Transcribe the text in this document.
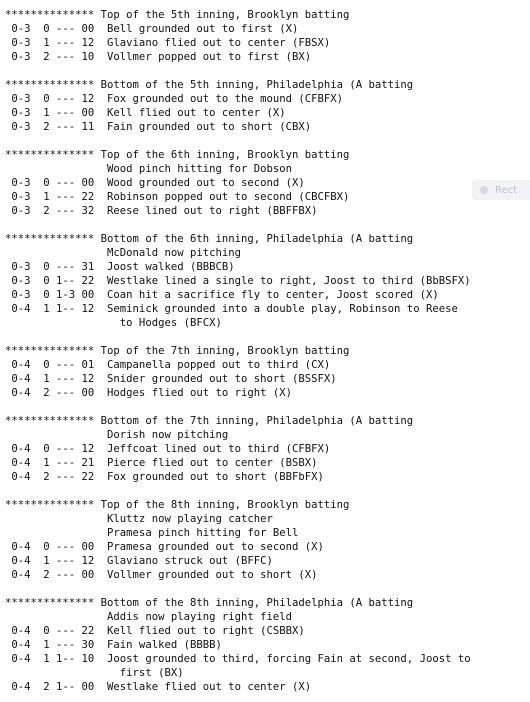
************** Top of the 5th inning, Brooklyn batting
0-3  0 --- 00  Bell grounded out to first (X)
0-3  1 --- 12  Glaviano flied out to center (FBSX)
0-3  2 --- 10  Vollmer popped out to first (BX)
************** Bottom of the 5th inning, Philadelphia (A batting
0-3  0 --- 12  Fox grounded out to the mound (CFBFX)
0-3  1 --- 00  Kell flied out to center (X)
0-3  2 --- 11  Fain grounded out to short (CBX)
************** Top of the 6th inning, Brooklyn batting
Wood pinch hitting for Dobson
0-3  0 --- 00  Wood grounded out to second (X)
0-3  1 --- 22  Robinson popped out to second (CBCFBX)
0-3  2 --- 32  Reese lined out to right (BBFFBX)
************** Bottom of the 6th inning, Philadelphia (A batting
McDonald now pitching
0-3  0 --- 31  Joost walked (BBBCB)
0-3  0 1-- 22  Westlake lined a single to right, Joost to third (BbBSFX)
0-3  0 1-3 00  Coan hit a sacrifice fly to center, Joost scored (X)
0-4  1 1-- 12  Seminick grounded into a double play, Robinson to Reese
to Hodges (BFCX)
************** Top of the 7th inning, Brooklyn batting
0-4  0 --- 01  Campanella popped out to third (CX)
0-4  1 --- 12  Snider grounded out to short (BSSFX)
0-4  2 --- 00  Hodges flied out to right (X)
************** Bottom of the 7th inning, Philadelphia (A batting
Dorish now pitching
0-4  0 --- 12  Jeffcoat lined out to third (CFBFX)
0-4  1 --- 21  Pierce flied out to center (BSBX)
0-4  2 --- 22  Fox grounded out to short (BBFbFX)
************** Top of the 8th inning, Brooklyn batting
Kluttz now playing catcher
Pramesa pinch hitting for Bell
0-4  0 --- 00  Pramesa grounded out to second (X)
0-4  1 --- 12  Glaviano struck out (BFFC)
0-4  2 --- 00  Vollmer grounded out to short (X)
************** Bottom of the 8th inning, Philadelphia (A batting
Addis now playing right field
0-4  0 --- 22  Kell flied out to right (CSBBX)
0-4  1 --- 30  Fain walked (BBBB)
0-4  1 1-- 10  Joost grounded to third, forcing Fain at second, Joost to
first (BX)
0-4  2 1-- 00  Westlake flied out to center (X)
Rect
